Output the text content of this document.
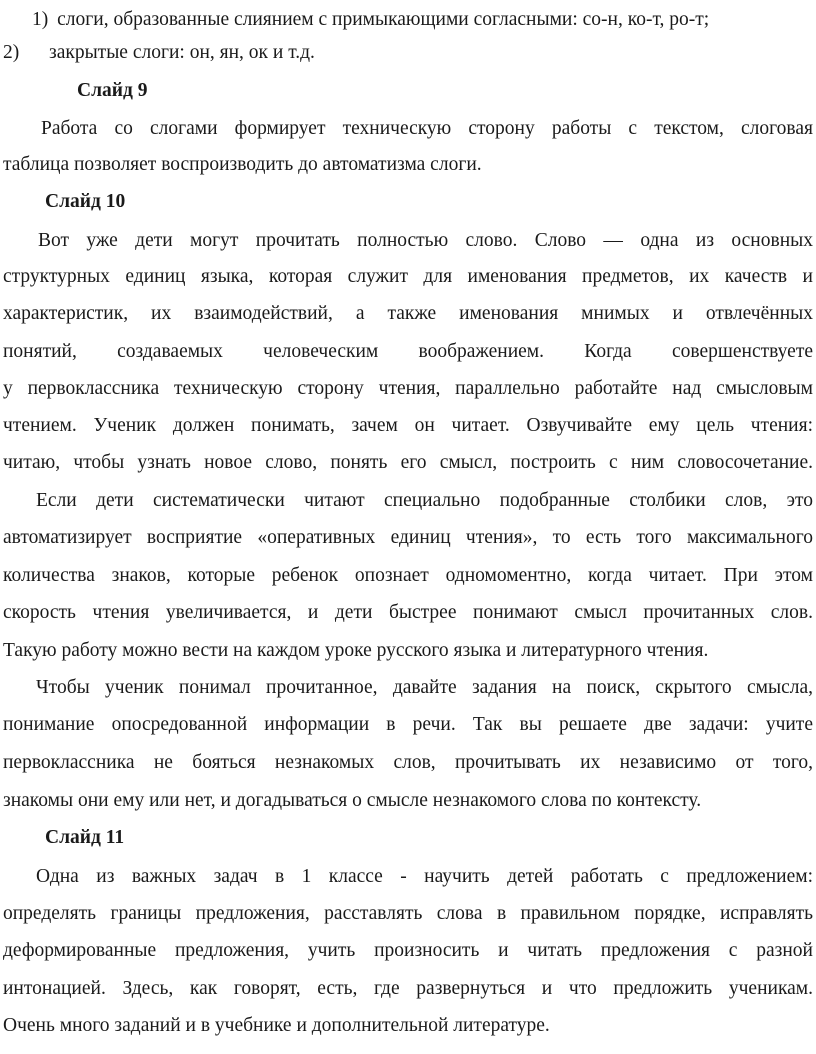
1) слоги, образованные слиянием с примыкающими согласными: со-н, ко-т, ро-т;
2) закрытые слоги: он, ян, ок и т.д.
Слайд 9
Работа со слогами формирует техническую сторону работы с текстом, слоговая
таблица позволяет воспроизводить до автоматизма слоги.
Слайд 10
Вот уже дети могут прочитать полностью слово. Слово — одна из основных
структурных единиц языка, которая служит для именования предметов, их качеств и
характеристик, их взаимодействий, а также именования мнимых и отвлечённых
понятий, создаваемых человеческим воображением. Когда совершенствуете
у первоклассника техническую сторону чтения, параллельно работайте над смысловым
чтением. Ученик должен понимать, зачем он читает. Озвучивайте ему цель чтения:
читаю, чтобы узнать новое слово, понять его смысл, построить с ним словосочетание.
Если дети систематически читают специально подобранные столбики слов, это
автоматизирует восприятие «оперативных единиц чтения», то есть того максимального
количества знаков, которые ребенок опознает одномоментно, когда читает. При этом
скорость чтения увеличивается, и дети быстрее понимают смысл прочитанных слов.
Такую работу можно вести на каждом уроке русского языка и литературного чтения.
Чтобы ученик понимал прочитанное, давайте задания на поиск, скрытого смысла,
понимание опосредованной информации в речи. Так вы решаете две задачи: учите
первоклассника не бояться незнакомых слов, прочитывать их независимо от того,
знакомы они ему или нет, и догадываться о смысле незнакомого слова по контексту.
Слайд 11
Одна из важных задач в 1 классе - научить детей работать с предложением:
определять границы предложения, расставлять слова в правильном порядке, исправлять
деформированные предложения, учить произносить и читать предложения с разной
интонацией. Здесь, как говорят, есть, где развернуться и что предложить ученикам.
Очень много заданий и в учебнике и дополнительной литературе.
